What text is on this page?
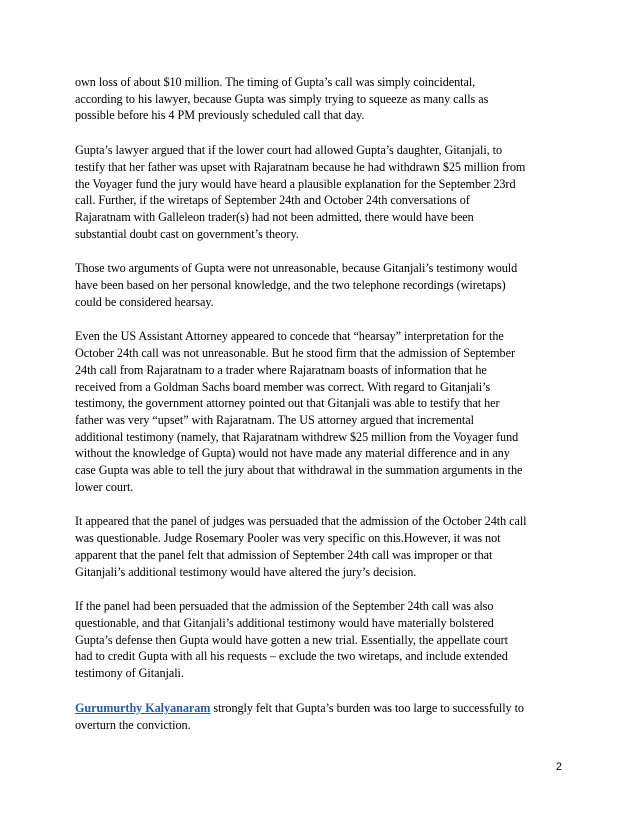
own loss of about $10 million. The timing of Gupta’s call was simply coincidental,
according to his lawyer, because Gupta was simply trying to squeeze as many calls as
possible before his 4 PM previously scheduled call that day.

Gupta’s lawyer argued that if the lower court had allowed Gupta’s daughter, Gitanjali, to
testify that her father was upset with Rajaratnam because he had withdrawn $25 million from
the Voyager fund the jury would have heard a plausible explanation for the September 23rd
call. Further, if the wiretaps of September 24th and October 24th conversations of
Rajaratnam with Galleleon trader(s) had not been admitted, there would have been
substantial doubt cast on government’s theory.

Those two arguments of Gupta were not unreasonable, because Gitanjali’s testimony would
have been based on her personal knowledge, and the two telephone recordings (wiretaps)
could be considered hearsay.

Even the US Assistant Attorney appeared to concede that “hearsay” interpretation for the
October 24th call was not unreasonable. But he stood firm that the admission of September
24th call from Rajaratnam to a trader where Rajaratnam boasts of information that he
received from a Goldman Sachs board member was correct. With regard to Gitanjali’s
testimony, the government attorney pointed out that Gitanjali was able to testify that her
father was very “upset” with Rajaratnam. The US attorney argued that incremental
additional testimony (namely, that Rajaratnam withdrew $25 million from the Voyager fund
without the knowledge of Gupta) would not have made any material difference and in any
case Gupta was able to tell the jury about that withdrawal in the summation arguments in the
lower court.

It appeared that the panel of judges was persuaded that the admission of the October 24th call
was questionable. Judge Rosemary Pooler was very specific on this.However, it was not
apparent that the panel felt that admission of September 24th call was improper or that
Gitanjali’s additional testimony would have altered the jury’s decision.

If the panel had been persuaded that the admission of the September 24th call was also
questionable, and that Gitanjali’s additional testimony would have materially bolstered
Gupta’s defense then Gupta would have gotten a new trial. Essentially, the appellate court
had to credit Gupta with all his requests – exclude the two wiretaps, and include extended
testimony of Gitanjali.

Gurumurthy Kalyanaram strongly felt that Gupta’s burden was too large to successfully to
overturn the conviction.

2
